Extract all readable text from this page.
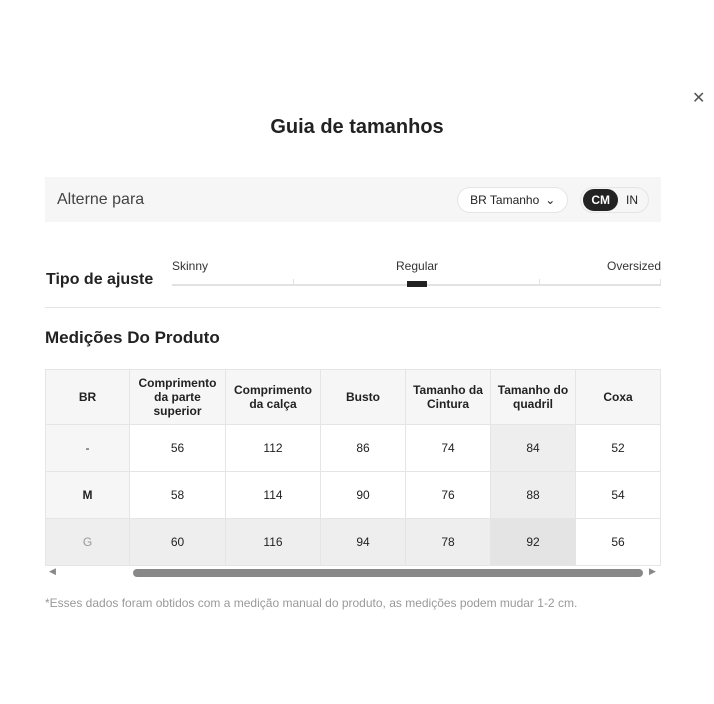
✕
Guia de tamanhos
Alterne para	BR Tamanho ⌄	CM	IN
Tipo de ajuste
Skinny	Regular	Oversized
Medições Do Produto
BR	Comprimento da parte superior	Comprimento da calça	Busto	Tamanho da Cintura	Tamanho do quadril	Coxa
-	56	112	86	74	84	52
M	58	114	90	76	88	54
G	60	116	94	78	92	56
◀	▶
*Esses dados foram obtidos com a medição manual do produto, as medições podem mudar 1-2 cm.
